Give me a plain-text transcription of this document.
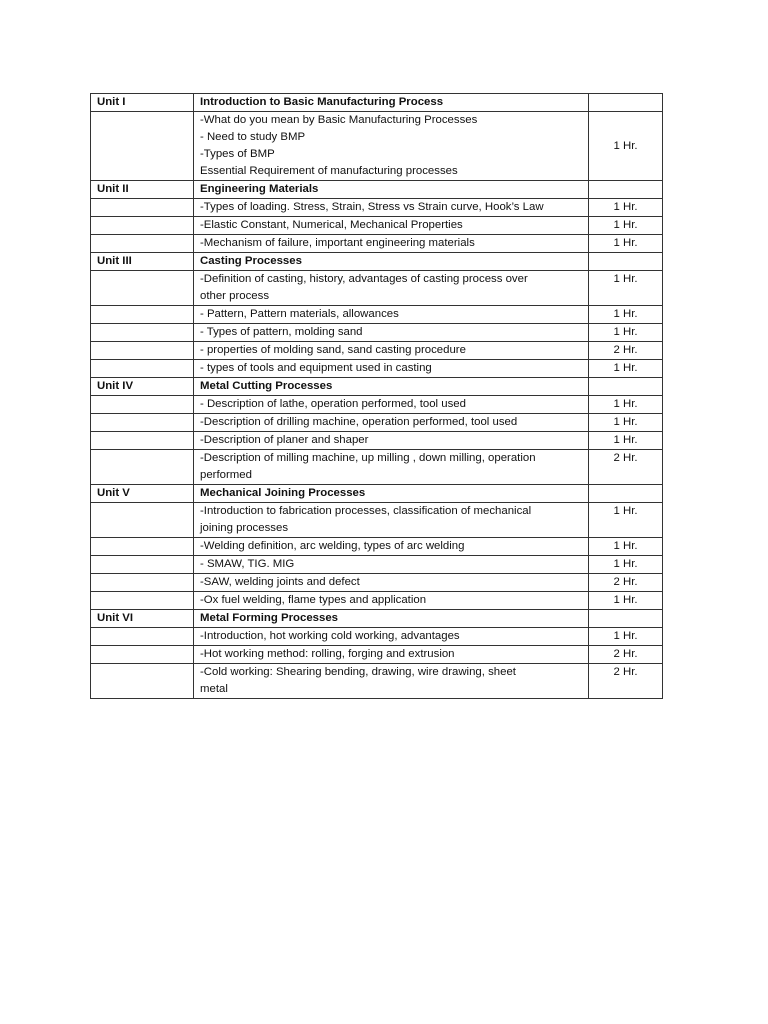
Unit I	Introduction to Basic Manufacturing Process	

	-What do you mean by Basic Manufacturing Processes
- Need to study BMP
-Types of BMP
Essential Requirement of manufacturing processes	1 Hr.
Unit II	Engineering Materials	

	-Types of loading. Stress, Strain, Stress vs Strain curve, Hook’s Law	1 Hr.

	-Elastic Constant, Numerical, Mechanical Properties	1 Hr.

	-Mechanism of failure, important engineering materials	1 Hr.
Unit III	Casting Processes	

	-Definition of casting, history, advantages of casting process over
other process	1 Hr.

	- Pattern, Pattern materials, allowances	1 Hr.

	- Types of pattern, molding sand	1 Hr.

	- properties of molding sand, sand casting procedure	2 Hr.

	- types of tools and equipment used in casting	1 Hr.
Unit IV	Metal Cutting Processes	

	- Description of lathe, operation performed, tool used	1 Hr.

	-Description of drilling machine, operation performed, tool used	1 Hr.

	-Description of planer and shaper	1 Hr.

	-Description of milling machine, up milling , down milling, operation
performed	2 Hr.
Unit V	Mechanical Joining Processes	

	-Introduction to fabrication processes, classification of mechanical
joining processes	1 Hr.

	-Welding definition, arc welding, types of arc welding	1 Hr.

	- SMAW, TIG. MIG	1 Hr.

	-SAW, welding joints and defect	2 Hr.

	-Ox fuel welding, flame types and application	1 Hr.
Unit VI	Metal Forming Processes	

	-Introduction, hot working cold working, advantages	1 Hr.

	-Hot working method: rolling, forging and extrusion	2 Hr.

	-Cold working: Shearing bending, drawing, wire drawing, sheet
metal	2 Hr.
